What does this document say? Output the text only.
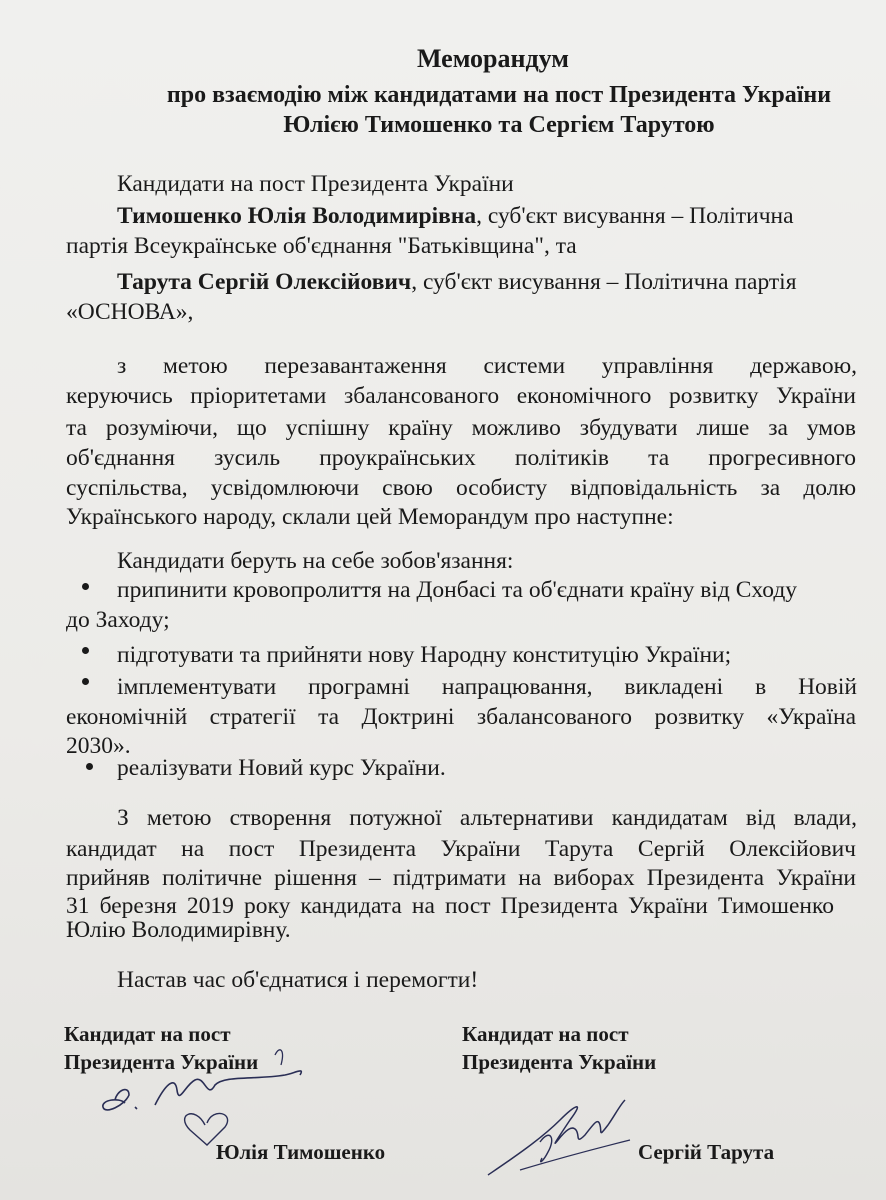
Меморандум
про взаємодію між кандидатами на пост Президента України
Юлією Тимошенко та Сергієм Тарутою
Кандидати на пост Президента України
Тимошенко Юлія Володимирівна, суб'єкт висування – Політична
партія Всеукраїнське об'єднання "Батьківщина", та
Тарута Сергій Олексійович, суб'єкт висування – Політична партія
«ОСНОВА»,
з метою перезавантаження системи управління державою,
керуючись пріоритетами збалансованого економічного розвитку України
та розуміючи, що успішну країну можливо збудувати лише за умов
об'єднання зусиль проукраїнських політиків та прогресивного
суспільства, усвідомлюючи свою особисту відповідальність за долю
Українського народу, склали цей Меморандум про наступне:
Кандидати беруть на себе зобов'язання:
припинити кровопролиття на Донбасі та об'єднати країну від Сходу
до Заходу;
підготувати та прийняти нову Народну конституцію України;
імплементувати програмні напрацювання, викладені в Новій
економічній стратегії та Доктрині збалансованого розвитку «Україна
2030».
реалізувати Новий курс України.
З метою створення потужної альтернативи кандидатам від влади,
кандидат на пост Президента України Тарута Сергій Олексійович
прийняв політичне рішення – підтримати на виборах Президента України
31 березня 2019 року кандидата на пост Президента України Тимошенко
Юлію Володимирівну.
Настав час об'єднатися і перемогти!
Кандидат на пост
Президента України
Юлія Тимошенко
Кандидат на пост
Президента України
Сергій Тарута
